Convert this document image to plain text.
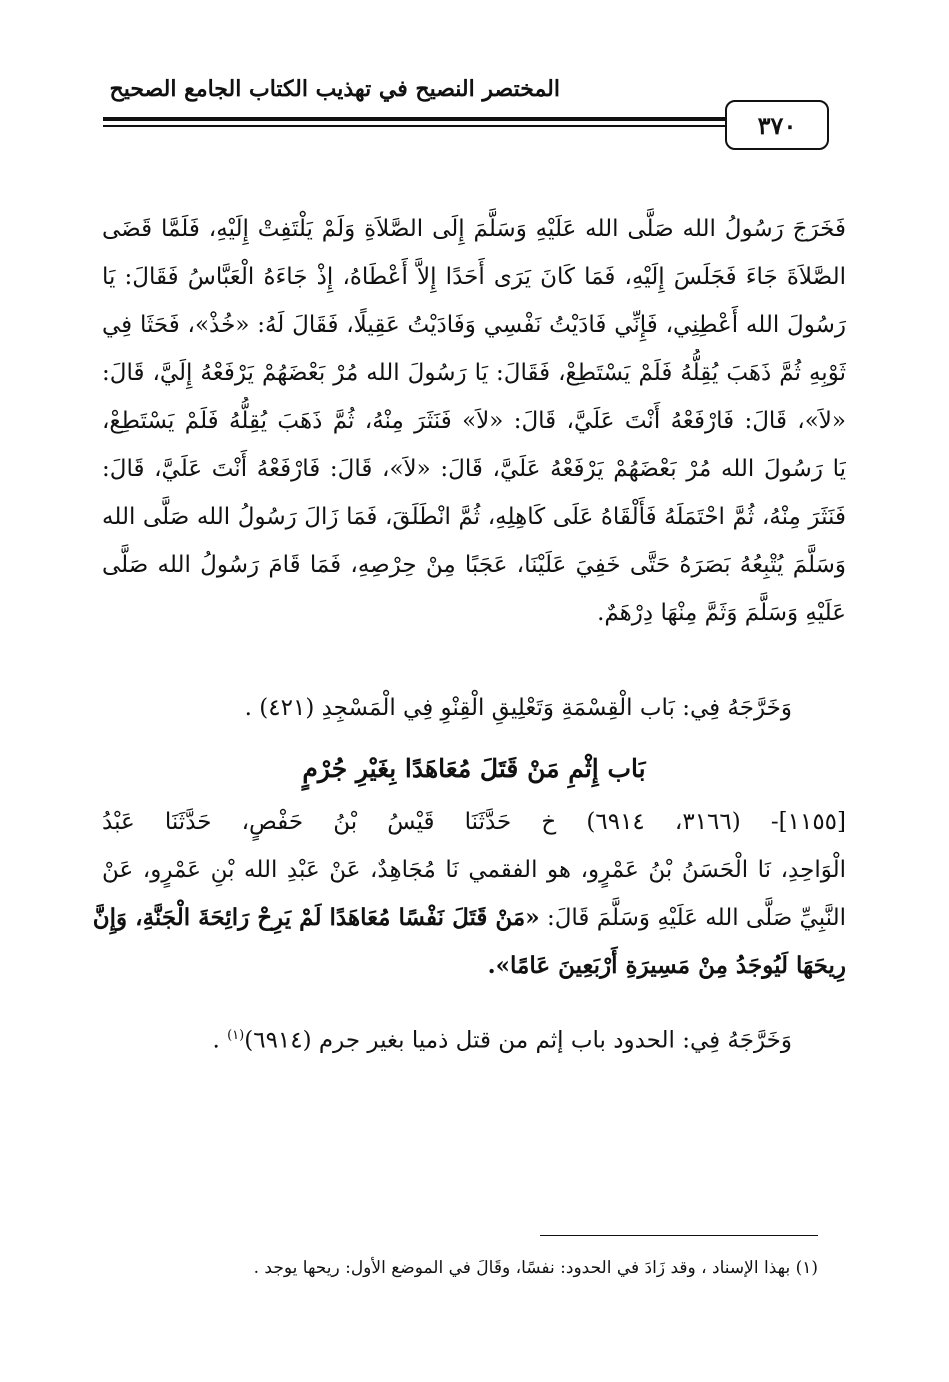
المختصر النصيح في تهذيب الكتاب الجامع الصحيح
٣٧٠
فَخَرَجَ رَسُولُ الله صَلَّى الله عَلَيْهِ وَسَلَّمَ إِلَى الصَّلاَةِ وَلَمْ يَلْتَفِتْ إِلَيْهِ، فَلَمَّا قَضَى
الصَّلاَةَ جَاءَ فَجَلَسَ إِلَيْهِ، فَمَا كَانَ يَرَى أَحَدًا إِلاَّ أَعْطَاهُ، إِذْ جَاءَهُ الْعَبَّاسُ فَقَالَ: يَا
رَسُولَ الله أَعْطِنِي، فَإِنِّي فَادَيْتُ نَفْسِي وَفَادَيْتُ عَقِيلًا، فَقَالَ لَهُ: «خُذْ»، فَحَثَا فِي
ثَوْبِهِ ثُمَّ ذَهَبَ يُقِلُّهُ فَلَمْ يَسْتَطِعْ، فَقَالَ: يَا رَسُولَ الله مُرْ بَعْضَهُمْ يَرْفَعْهُ إِلَيَّ، قَالَ:
«لاَ»، قَالَ: فَارْفَعْهُ أَنْتَ عَلَيَّ، قَالَ: «لاَ» فَنَثَرَ مِنْهُ، ثُمَّ ذَهَبَ يُقِلُّهُ فَلَمْ يَسْتَطِعْ،
يَا رَسُولَ الله مُرْ بَعْضَهُمْ يَرْفَعْهُ عَلَيَّ، قَالَ: «لاَ»، قَالَ: فَارْفَعْهُ أَنْتَ عَلَيَّ، قَالَ:
فَنَثَرَ مِنْهُ، ثُمَّ احْتَمَلَهُ فَأَلْقَاهُ عَلَى كَاهِلِهِ، ثُمَّ انْطَلَقَ، فَمَا زَالَ رَسُولُ الله صَلَّى الله
وَسَلَّمَ يُتْبِعُهُ بَصَرَهُ حَتَّى خَفِيَ عَلَيْنَا، عَجَبًا مِنْ حِرْصِهِ، فَمَا قَامَ رَسُولُ الله صَلَّى
عَلَيْهِ وَسَلَّمَ وَثَمَّ مِنْهَا دِرْهَمٌ.
وَخَرَّجَهُ فِي: بَاب الْقِسْمَةِ وَتَعْلِيقِ الْقِنْوِ فِي الْمَسْجِدِ (٤٢١) .
بَاب إِثْمِ مَنْ قَتَلَ مُعَاهَدًا بِغَيْرِ جُرْمٍ
[١١٥٥]- (٣١٦٦، ٦٩١٤) خ حَدَّثَنَا قَيْسُ بْنُ حَفْصٍ، حَدَّثَنَا عَبْدُ
الْوَاحِدِ، نَا الْحَسَنُ بْنُ عَمْرٍو، هو الفقمي نَا مُجَاهِدٌ، عَنْ عَبْدِ الله بْنِ عَمْرٍو، عَنْ
النَّبِيِّ صَلَّى الله عَلَيْهِ وَسَلَّمَ قَالَ: «مَنْ قَتَلَ نَفْسًا مُعَاهَدًا لَمْ يَرِحْ رَائِحَةَ الْجَنَّةِ، وَإِنَّ
رِيحَهَا لَيُوجَدُ مِنْ مَسِيرَةِ أَرْبَعِينَ عَامًا».
وَخَرَّجَهُ فِي: الحدود باب إثم من قتل ذميا بغير جرم (٦٩١٤)$^{(١)}$ .
(١) بهذا الإسناد ، وقد زَادَ في الحدود: نفسًا، وقَالَ في الموضع الأول: ريحها يوجد .
